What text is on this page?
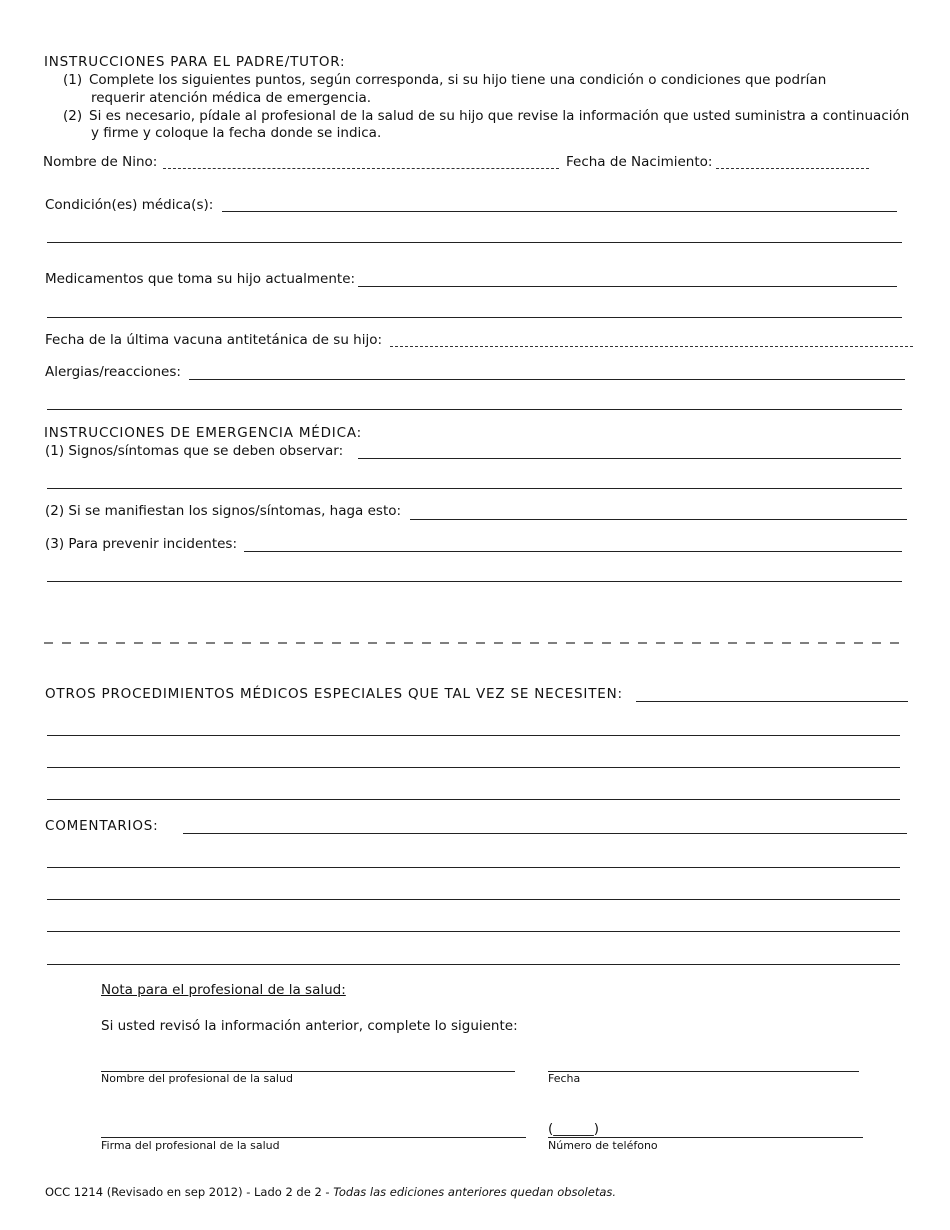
INSTRUCCIONES PARA EL PADRE/TUTOR:
(1) Complete los siguientes puntos, según corresponda, si su hijo tiene una condición o condiciones que podrían
requerir atención médica de emergencia.
(2) Si es necesario, pídale al profesional de la salud de su hijo que revise la información que usted suministra a continuación
y firme y coloque la fecha donde se indica.
Nombre de Nino:	Fecha de Nacimiento:
Condición(es) médica(s):
Medicamentos que toma su hijo actualmente:
Fecha de la última vacuna antitetánica de su hijo:
Alergias/reacciones:
INSTRUCCIONES DE EMERGENCIA MÉDICA:
(1) Signos/síntomas que se deben observar:
(2) Si se manifiestan los signos/síntomas, haga esto:
(3) Para prevenir incidentes:
OTROS PROCEDIMIENTOS MÉDICOS ESPECIALES QUE TAL VEZ SE NECESITEN:
COMENTARIOS:
Nota para el profesional de la salud:
Si usted revisó la información anterior, complete lo siguiente:
Nombre del profesional de la salud	Fecha
Firma del profesional de la salud
(______)
Número de teléfono
OCC 1214 (Revisado en sep 2012) - Lado 2 de 2 - Todas las ediciones anteriores quedan obsoletas.
